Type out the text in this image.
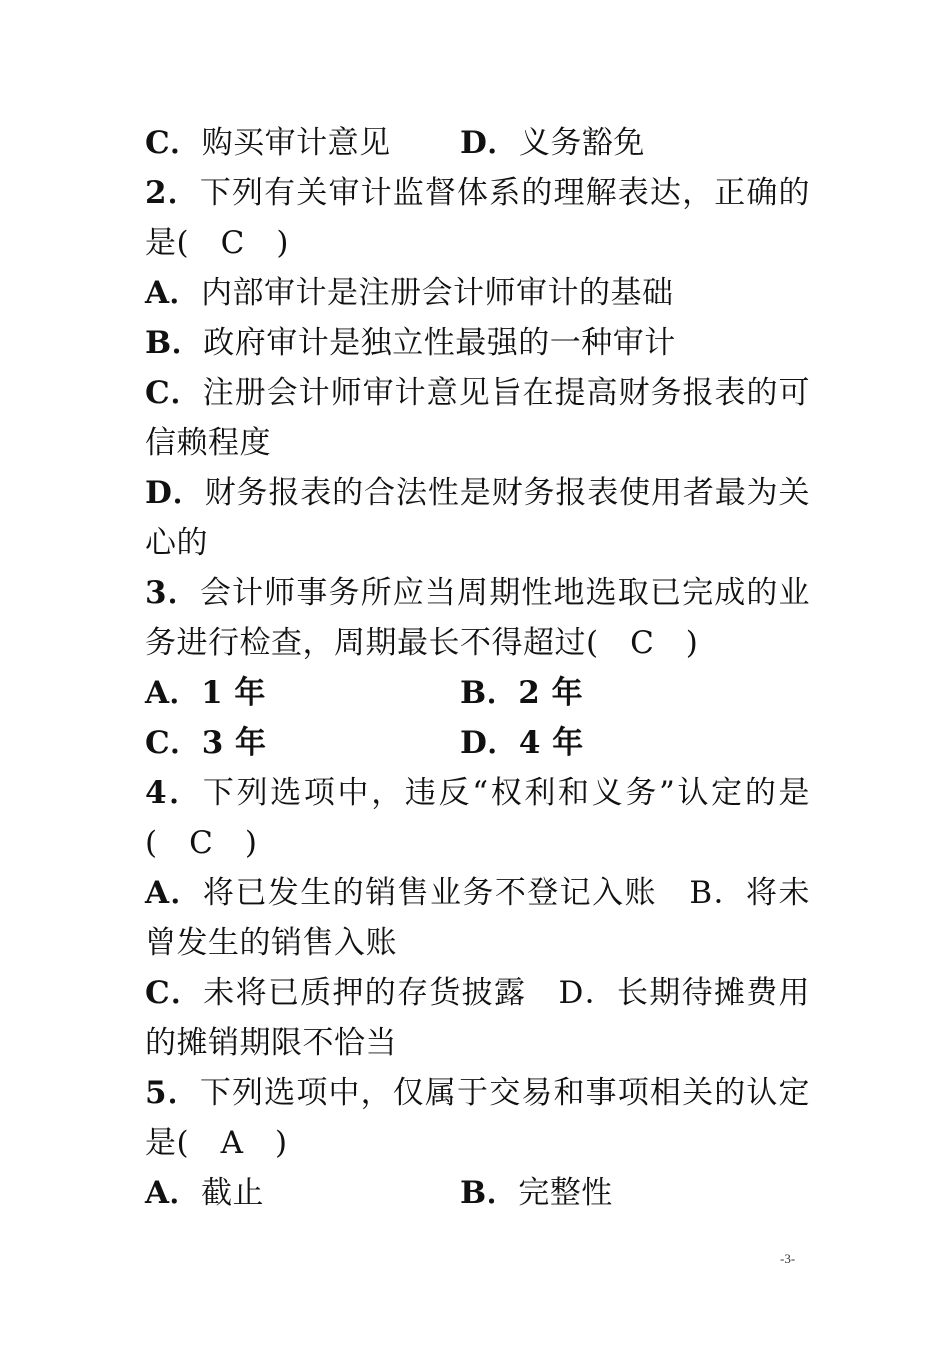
C．购买审计意见 D．义务豁免
2．下列有关审计监督体系的理解表达，正确的
是(　C　)
A．内部审计是注册会计师审计的基础
B．政府审计是独立性最强的一种审计
C．注册会计师审计意见旨在提高财务报表的可
信赖程度
D．财务报表的合法性是财务报表使用者最为关
心的
3．会计师事务所应当周期性地选取已完成的业
务进行检查，周期最长不得超过(　C　)
A．1 年	B．2 年
C．3 年	D．4 年
4．下列选项中，违反“权利和义务”认定的是
(　C　)
A．将已发生的销售业务不登记入账　B．将未
曾发生的销售入账
C．未将已质押的存货披露　D．长期待摊费用
的摊销期限不恰当
5．下列选项中，仅属于交易和事项相关的认定
是(　A　)
A．截止	B．完整性
-3-
